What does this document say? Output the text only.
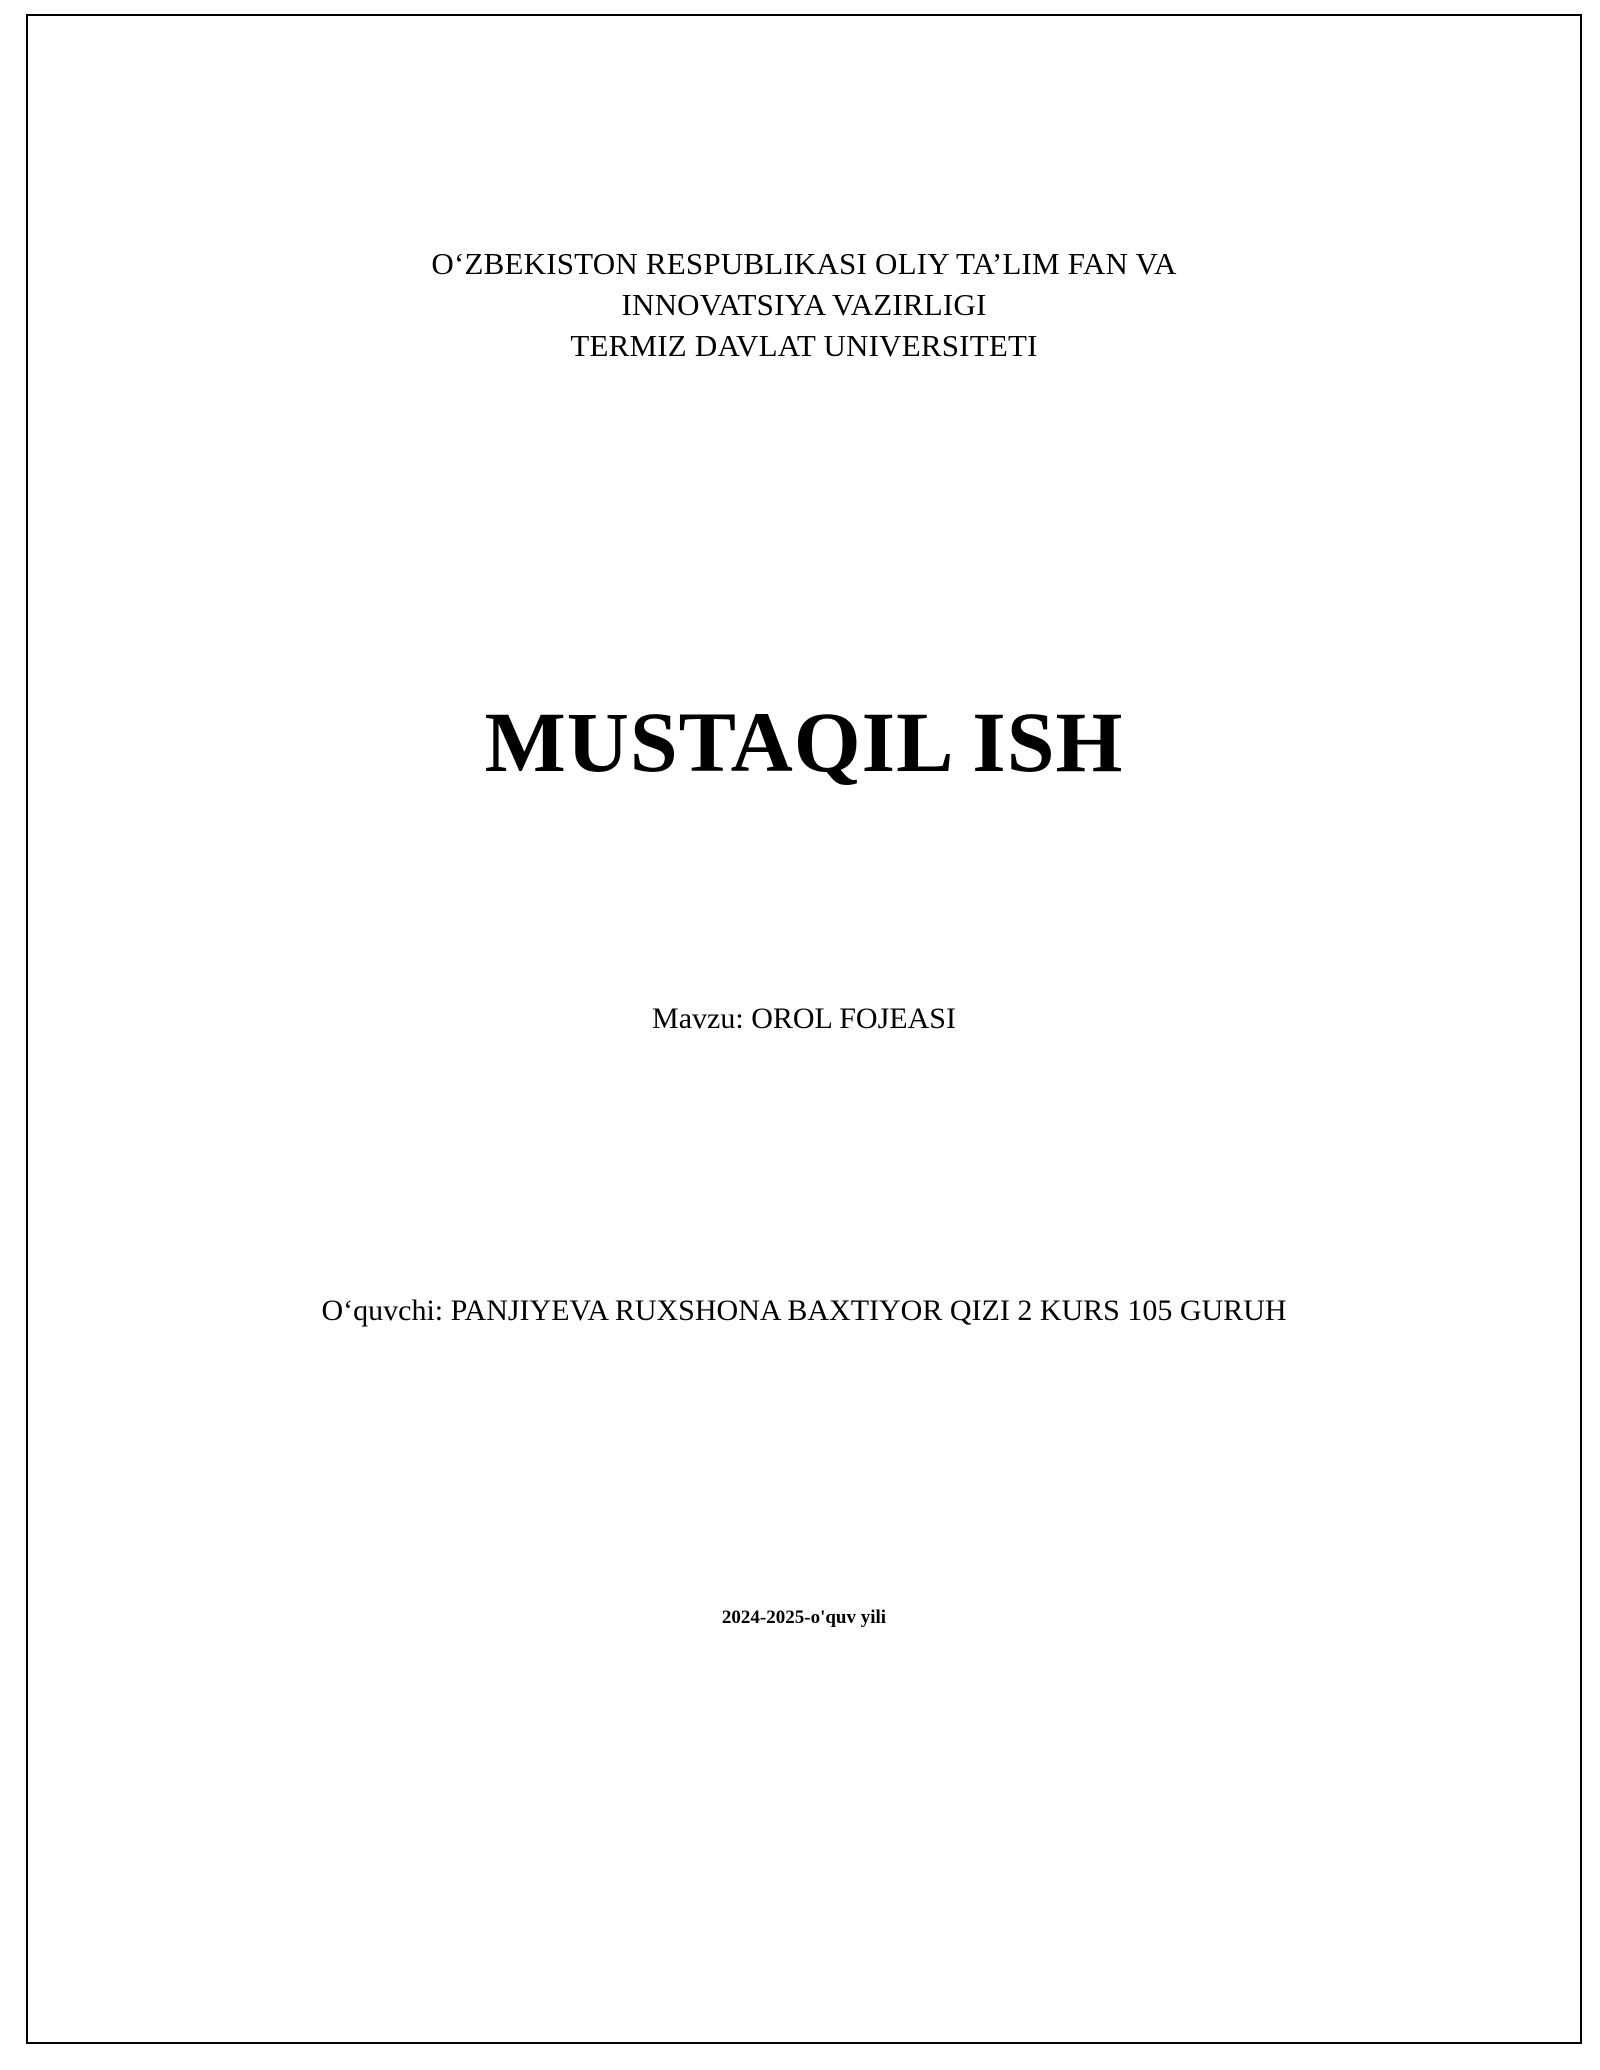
O‘ZBEKISTON RESPUBLIKASI OLIY TA’LIM FAN VA
INNOVATSIYA VAZIRLIGI
TERMIZ DAVLAT UNIVERSITETI
MUSTAQIL ISH
Mavzu: OROL FOJEASI
O‘quvchi: PANJIYEVA RUXSHONA BAXTIYOR QIZI 2 KURS 105 GURUH
2024-2025-o'quv yili
